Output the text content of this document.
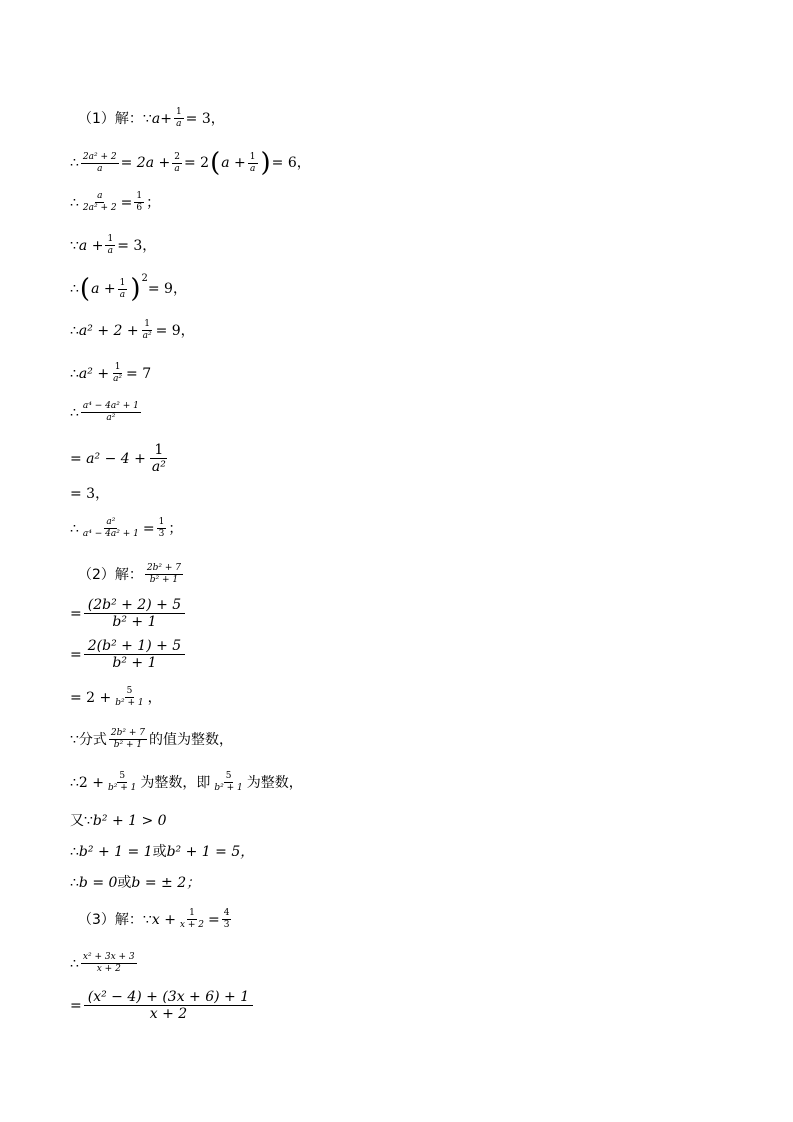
（1）解： ∵ $a + \frac{1}{a} = 3$，
∴ $\frac{\text{2a² + 2}}{a} = 2a + \frac{2}{a} = 2$ ( $a + \frac{1}{a}$ ) = 6，
∴ $\frac{a}{\text{2a² + 2}} = \frac{1}{6}$ ；
∵ $a + \frac{1}{a} = 3$，
∴ ( $a + \frac{1}{a}$ ) 2
= 9，
∴ $a^2 + 2 + \frac{1}{\text{a²}} = 9$，
∴ $a^2 + \frac{1}{\text{a²}} = 7$
∴ $\frac{\text{a⁴ − 4a² + 1}}{\text{a²}}$
= $a^2 - 4 + \frac{1}{\text{a²}}$
= 3，
∴ $\frac{\text{a²}}{\text{a⁴ − 4a² + 1}} = \frac{1}{3}$ ；
（2）解： $\frac{\text{2b² + 7}}{\text{b² + 1}}$
= $\frac{\text{(2b² + 2) + 5}}{\text{b² + 1}}$
= $\frac{\text{2(b² + 1) + 5}}{\text{b² + 1}}$
= $2 + \frac{5}{\text{b² + 1}}$ ，
∵ 分式 $\frac{\text{2b² + 7}}{\text{b² + 1}}$ 的值为整数，
∴ $2 + \frac{5}{\text{b² + 1}}$ 为整数，即 $\frac{5}{\text{b² + 1}}$ 为整数，
又 ∵ b² + 1 > 0
∴ b² + 1 = 1 或 b² + 1 = 5，
∴ b = 0 或 b = ± 2；
（3）解： ∵ $x + \frac{1}{x + 2} = \frac{4}{3}$
∴ $\frac{\text{x² + 3x + 3}}{x + 2}$
= $\frac{\text{(x² − 4) + (3x + 6) + 1}}{x + 2}$
